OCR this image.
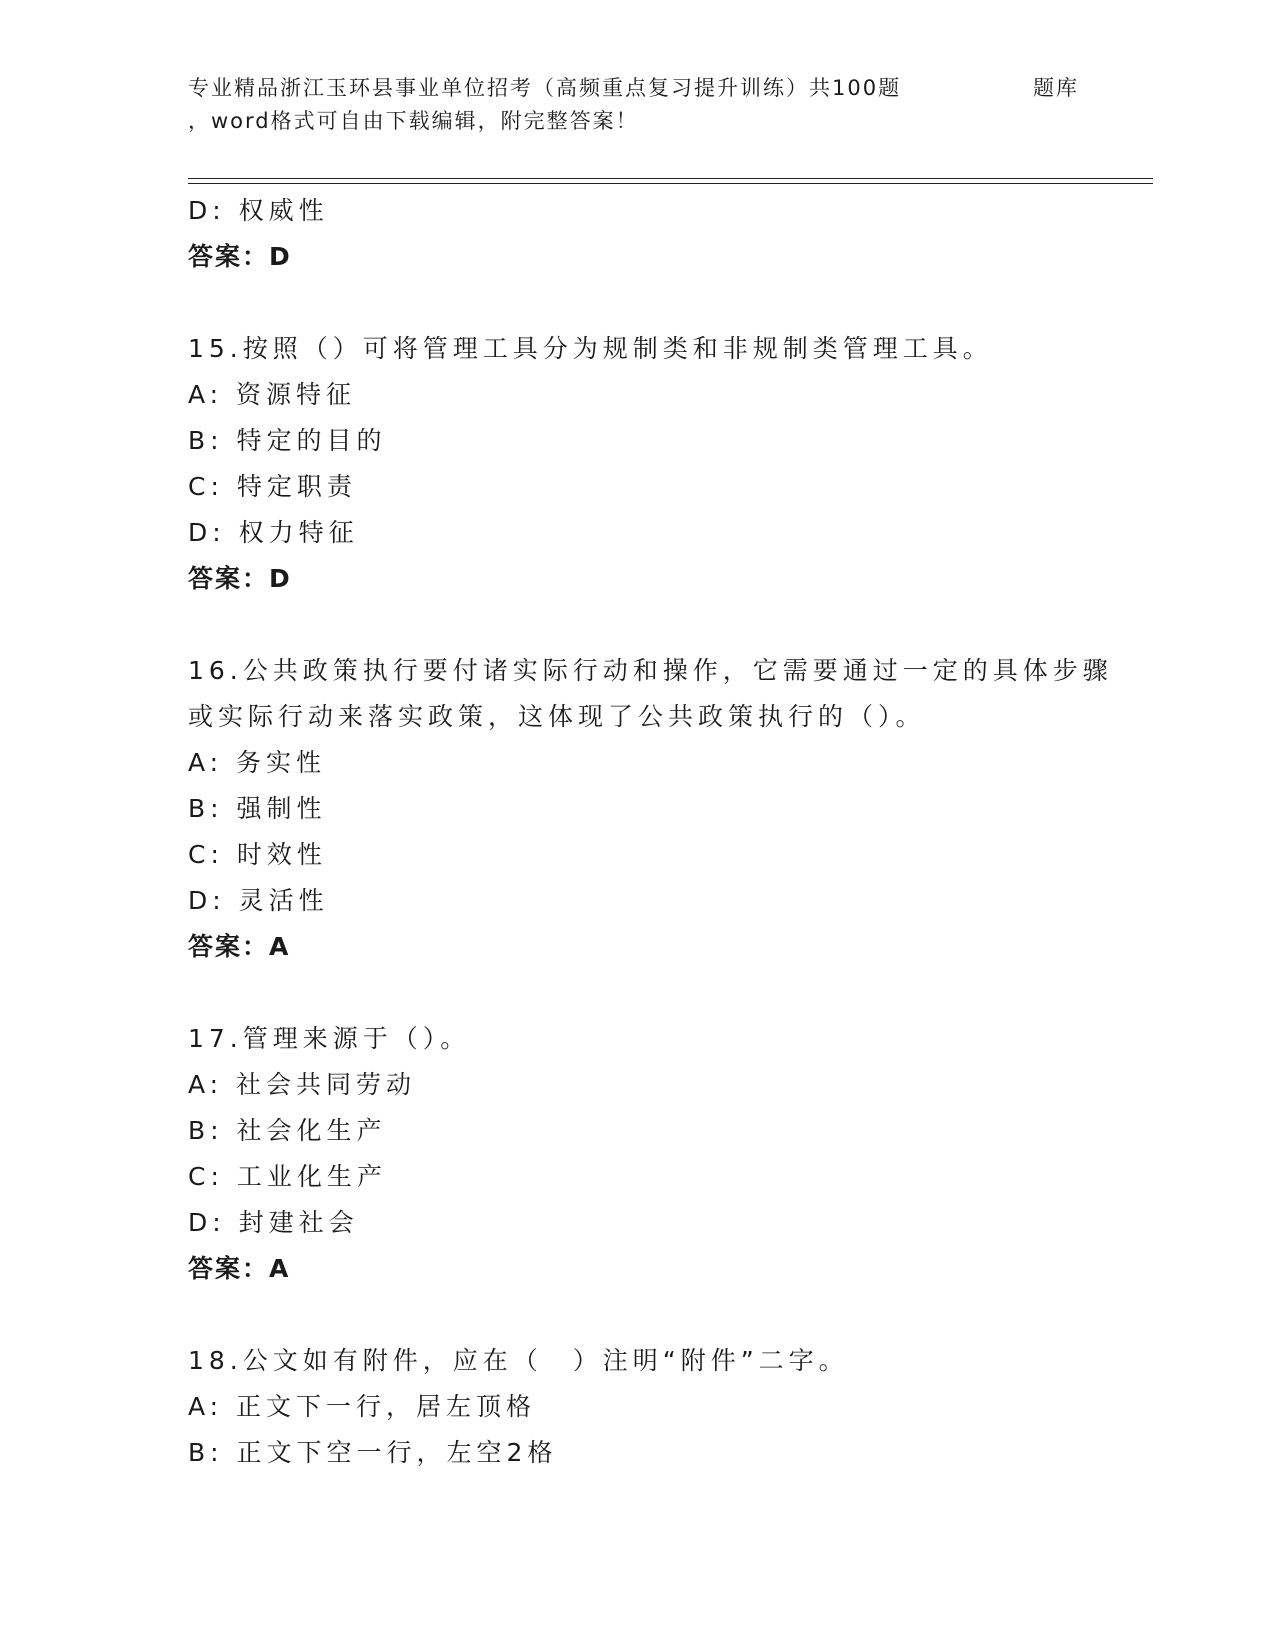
专业精品浙江玉环县事业单位招考（高频重点复习提升训练）共100题	题库
，word格式可自由下载编辑，附完整答案！
D: 权威性
答案：D
15.按照（）可将管理工具分为规制类和非规制类管理工具。
A: 资源特征
B: 特定的目的
C: 特定职责
D: 权力特征
答案：D
16.公共政策执行要付诸实际行动和操作，它需要通过一定的具体步骤
或实际行动来落实政策，这体现了公共政策执行的（）。
A: 务实性
B: 强制性
C: 时效性
D: 灵活性
答案：A
17.管理来源于（）。
A: 社会共同劳动
B: 社会化生产
C: 工业化生产
D: 封建社会
答案：A
18.公文如有附件，应在（　）注明“附件”二字。
A: 正文下一行，居左顶格
B: 正文下空一行，左空2格
